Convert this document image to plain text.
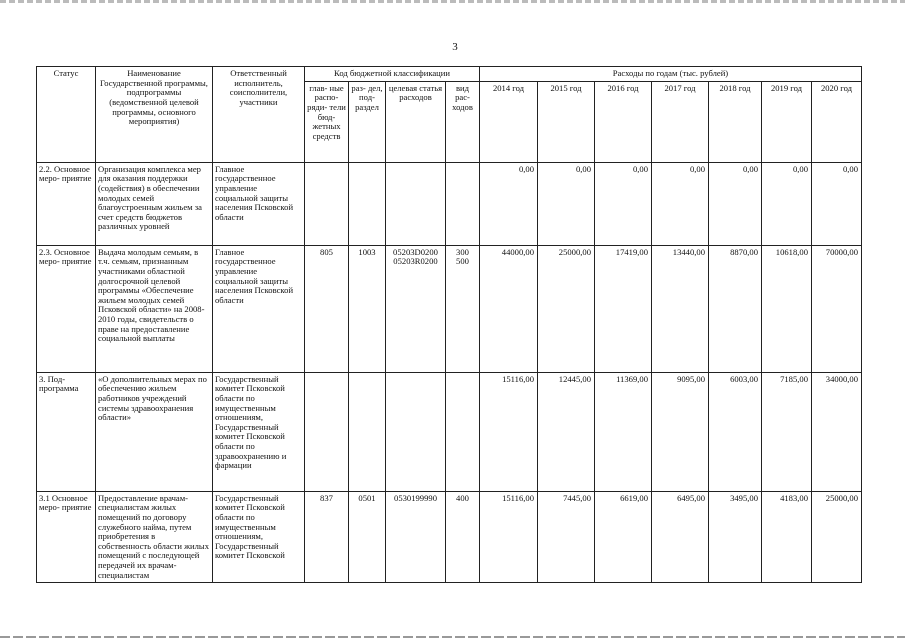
3
Статус	Наименование Государственной программы, подпрограммы (ведомственной целевой программы, основного мероприятия)	Ответственный исполнитель, соисполнители, участники	Код бюджетной классификации				Расходы по годам (тыс. рублей)						
			глав- ные распо- ряди- тели бюд- жетных средств	раз- дел, под- раздел	целевая статья расходов	вид рас- ходов	2014 год	2015 год	2016 год	2017 год	2018 год	2019 год	2020 год
2.2. Основное меро- приятие	Организация комплекса мер для оказания поддержки (содействия) в обеспечении молодых семей благоустроенным жильем за счет средств бюджетов различных уровней	Главное государственное управление социальной защиты населения Псковской области					0,00	0,00	0,00	0,00	0,00	0,00	0,00
2.3. Основное меро- приятие	Выдача молодым семьям, в т.ч. семьям, признанным участниками областной долгосрочной целевой программы «Обеспечение жильем молодых семей Псковской области» на 2008-2010 годы, свидетельств о праве на предоставление социальной выплаты	Главное государственное управление социальной защиты населения Псковской области	805	1003	05203D0200
05203R0200	300
500	44000,00	25000,00	17419,00	13440,00	8870,00	10618,00	70000,00
3. Под- программа	«О дополнительных мерах по обеспечению жильем работников учреждений системы здравоохранения области»	Государственный комитет Псковской области по имущественным отношениям, Государственный комитет Псковской области по здравоохранению и фармации					15116,00	12445,00	11369,00	9095,00	6003,00	7185,00	34000,00
3.1 Основное меро- приятие	Предоставление врачам- специалистам жилых помещений по договору служебного найма, путем приобретения в собственность области жилых помещений с последующей передачей их врачам-специалистам	Государственный комитет Псковской области по имущественным отношениям, Государственный комитет Псковской	837	0501	0530199990	400	15116,00	7445,00	6619,00	6495,00	3495,00	4183,00	25000,00
